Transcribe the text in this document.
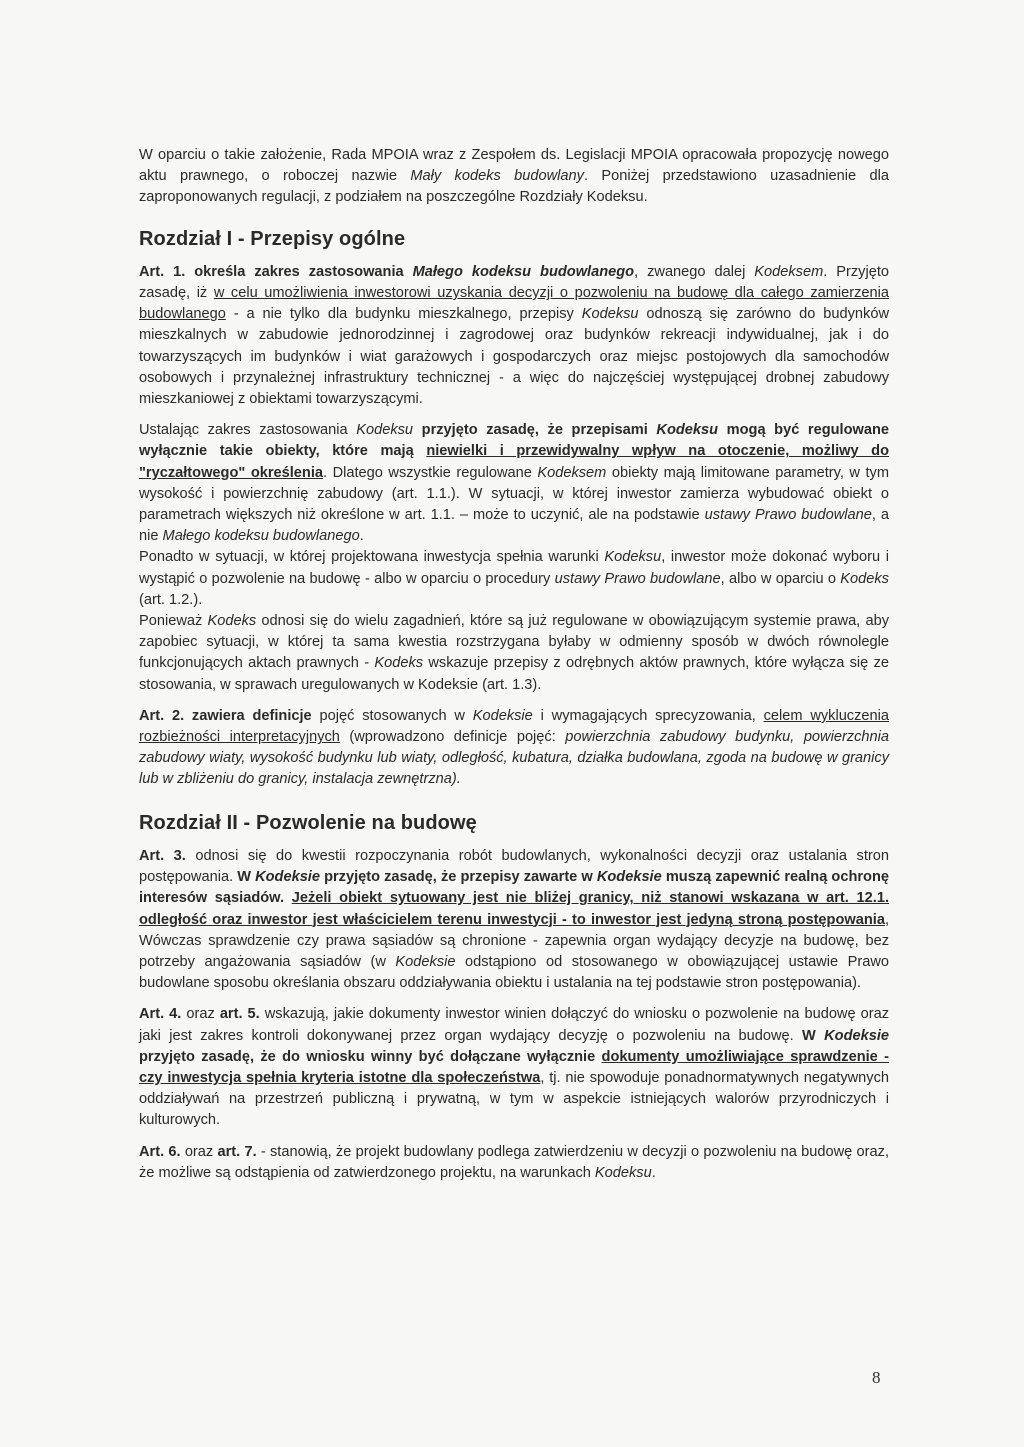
W oparciu o takie założenie, Rada MPOIA wraz z Zespołem ds. Legislacji MPOIA opracowała propozycję nowego aktu prawnego, o roboczej nazwie Mały kodeks budowlany. Poniżej przedstawiono uzasadnienie dla zaproponowanych regulacji, z podziałem na poszczególne Rozdziały Kodeksu.

Rozdział I - Przepisy ogólne

Art. 1. określa zakres zastosowania Małego kodeksu budowlanego, zwanego dalej Kodeksem. Przyjęto zasadę, iż w celu umożliwienia inwestorowi uzyskania decyzji o pozwoleniu na budowę dla całego zamierzenia budowlanego - a nie tylko dla budynku mieszkalnego, przepisy Kodeksu odnoszą się zarówno do budynków mieszkalnych w zabudowie jednorodzinnej i zagrodowej oraz budynków rekreacji indywidualnej, jak i do towarzyszących im budynków i wiat garażowych i gospodarczych oraz miejsc postojowych dla samochodów osobowych i przynależnej infrastruktury technicznej - a więc do najczęściej występującej drobnej zabudowy mieszkaniowej z obiektami towarzyszącymi.

Ustalając zakres zastosowania Kodeksu przyjęto zasadę, że przepisami Kodeksu mogą być regulowane wyłącznie takie obiekty, które mają niewielki i przewidywalny wpływ na otoczenie, możliwy do "ryczałtowego" określenia. Dlatego wszystkie regulowane Kodeksem obiekty mają limitowane parametry, w tym wysokość i powierzchnię zabudowy (art. 1.1.). W sytuacji, w której inwestor zamierza wybudować obiekt o parametrach większych niż określone w art. 1.1. – może to uczynić, ale na podstawie ustawy Prawo budowlane, a nie Małego kodeksu budowlanego.

Ponadto w sytuacji, w której projektowana inwestycja spełnia warunki Kodeksu, inwestor może dokonać wyboru i wystąpić o pozwolenie na budowę - albo w oparciu o procedury ustawy Prawo budowlane, albo w oparciu o Kodeks (art. 1.2.).

Ponieważ Kodeks odnosi się do wielu zagadnień, które są już regulowane w obowiązującym systemie prawa, aby zapobiec sytuacji, w której ta sama kwestia rozstrzygana byłaby w odmienny sposób w dwóch równolegle funkcjonujących aktach prawnych - Kodeks wskazuje przepisy z odrębnych aktów prawnych, które wyłącza się ze stosowania, w sprawach uregulowanych w Kodeksie (art. 1.3).

Art. 2. zawiera definicje pojęć stosowanych w Kodeksie i wymagających sprecyzowania, celem wykluczenia rozbieżności interpretacyjnych (wprowadzono definicje pojęć: powierzchnia zabudowy budynku, powierzchnia zabudowy wiaty, wysokość budynku lub wiaty, odległość, kubatura, działka budowlana, zgoda na budowę w granicy lub w zbliżeniu do granicy, instalacja zewnętrzna).

Rozdział II - Pozwolenie na budowę

Art. 3. odnosi się do kwestii rozpoczynania robót budowlanych, wykonalności decyzji oraz ustalania stron postępowania. W Kodeksie przyjęto zasadę, że przepisy zawarte w Kodeksie muszą zapewnić realną ochronę interesów sąsiadów. Jeżeli obiekt sytuowany jest nie bliżej granicy, niż stanowi wskazana w art. 12.1. odległość oraz inwestor jest właścicielem terenu inwestycji - to inwestor jest jedyną stroną postępowania, Wówczas sprawdzenie czy prawa sąsiadów są chronione - zapewnia organ wydający decyzje na budowę, bez potrzeby angażowania sąsiadów (w Kodeksie odstąpiono od stosowanego w obowiązującej ustawie Prawo budowlane sposobu określania obszaru oddziaływania obiektu i ustalania na tej podstawie stron postępowania).

Art. 4. oraz art. 5. wskazują, jakie dokumenty inwestor winien dołączyć do wniosku o pozwolenie na budowę oraz jaki jest zakres kontroli dokonywanej przez organ wydający decyzję o pozwoleniu na budowę. W Kodeksie przyjęto zasadę, że do wniosku winny być dołączane wyłącznie dokumenty umożliwiające sprawdzenie - czy inwestycja spełnia kryteria istotne dla społeczeństwa, tj. nie spowoduje ponadnormatywnych negatywnych oddziaływań na przestrzeń publiczną i prywatną, w tym w aspekcie istniejących walorów przyrodniczych i kulturowych.

Art. 6. oraz art. 7. - stanowią, że projekt budowlany podlega zatwierdzeniu w decyzji o pozwoleniu na budowę oraz, że możliwe są odstąpienia od zatwierdzonego projektu, na warunkach Kodeksu.

8
